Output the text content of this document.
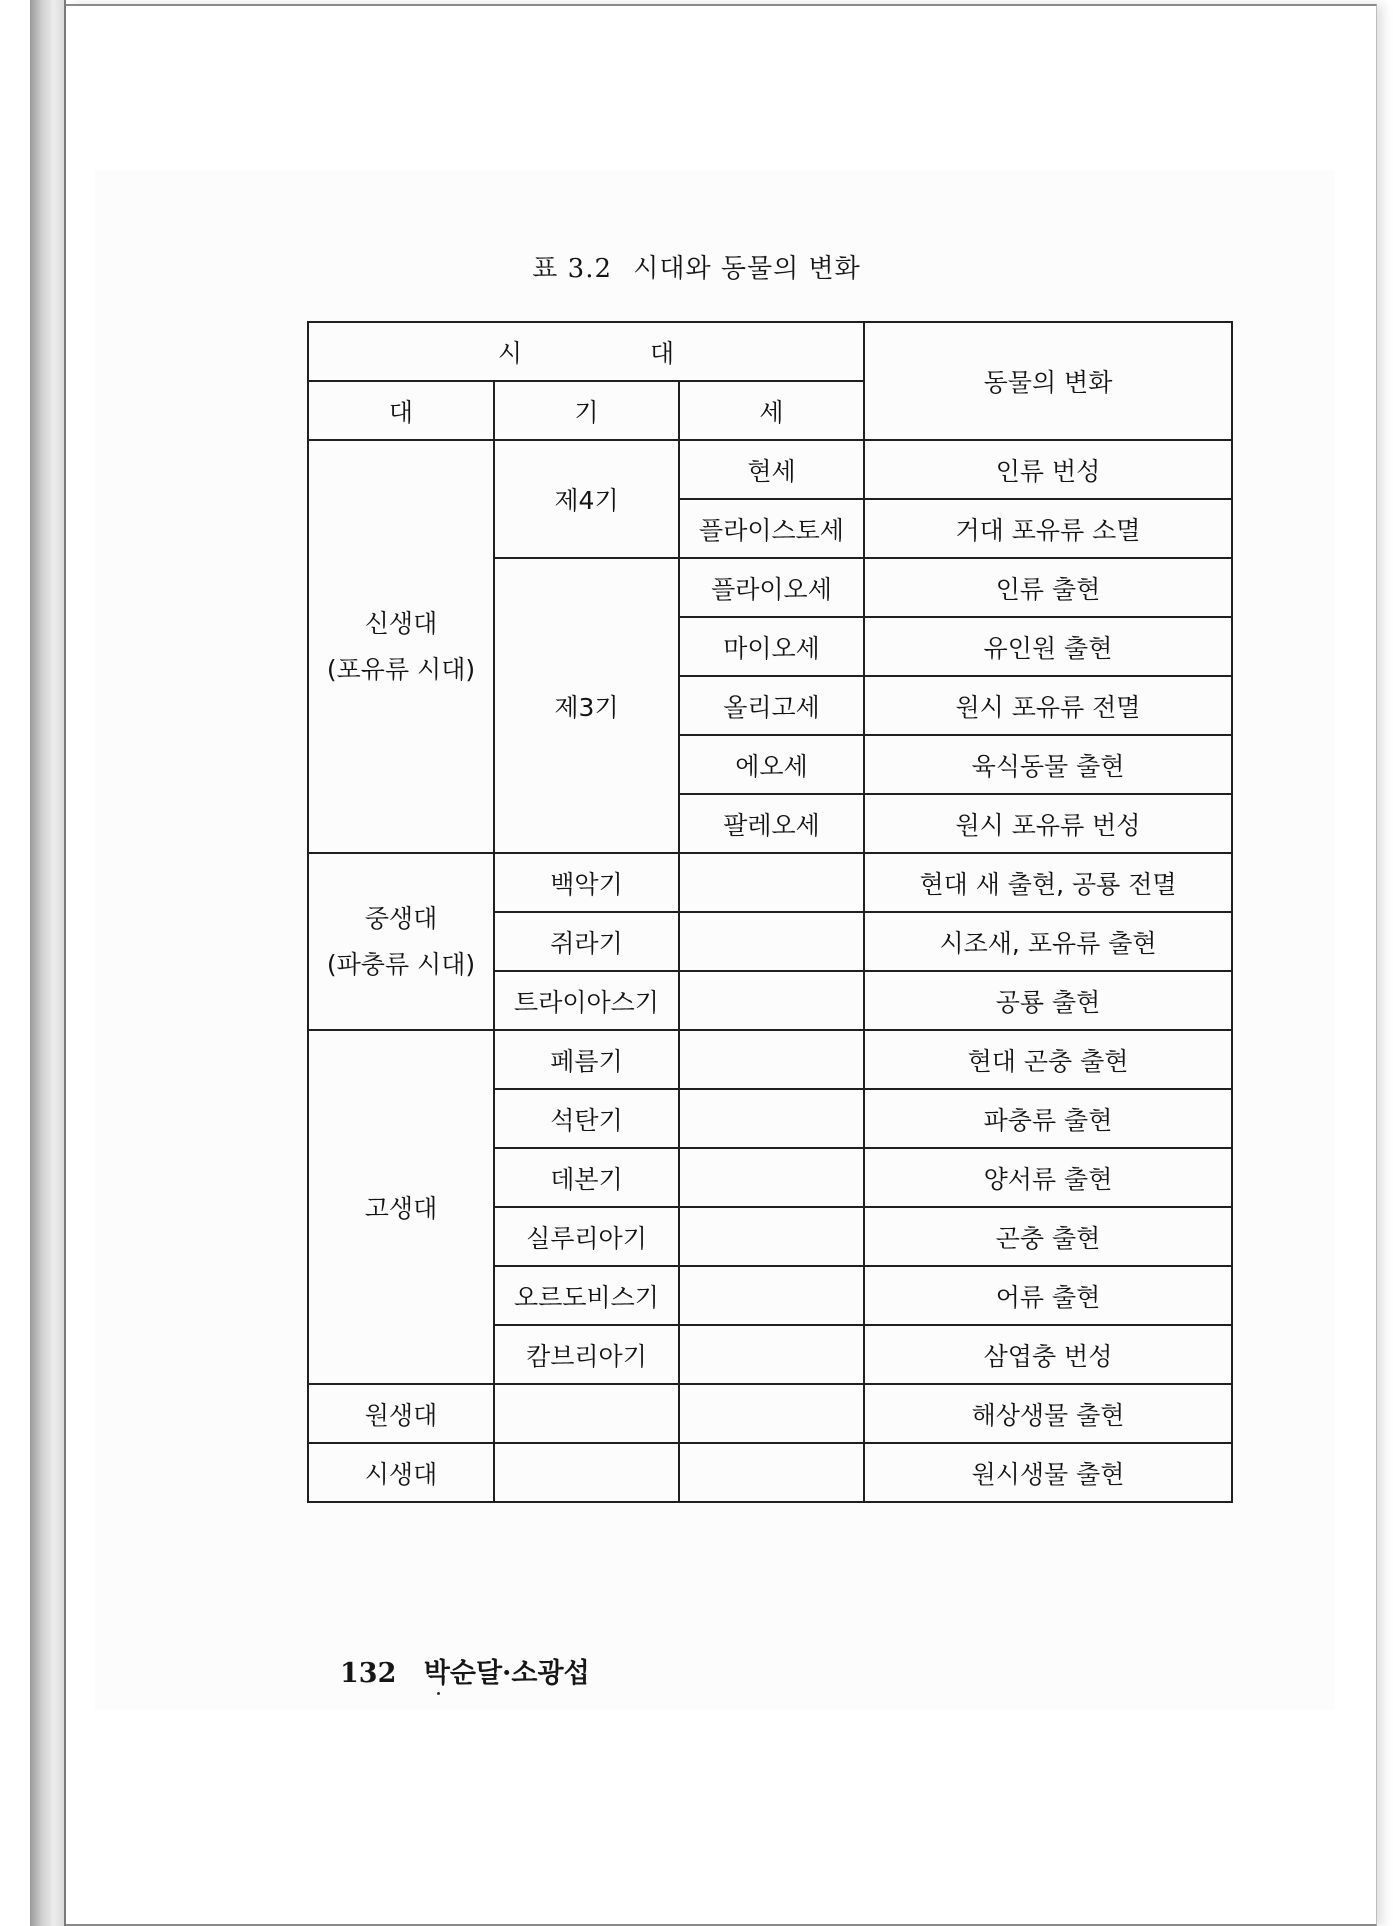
표 3.2 시대와 동물의 변화
시 대			동물의 변화
대	기	세	

신생대
(포유류 시대)	제4기	현세	인류 번성
		플라이스토세	거대 포유류 소멸
	제3기	플라이오세	인류 출현
		마이오세	유인원 출현
		올리고세	원시 포유류 전멸
		에오세	육식동물 출현
		팔레오세	원시 포유류 번성

중생대
(파충류 시대)	백악기		현대 새 출현, 공룡 전멸
	쥐라기		시조새, 포유류 출현
	트라이아스기		공룡 출현
고생대	페름기		현대 곤충 출현
	석탄기		파충류 출현
	데본기		양서류 출현
	실루리아기		곤충 출현
	오르도비스기		어류 출현
	캄브리아기		삼엽충 번성
원생대			해상생물 출현
시생대			원시생물 출현
132 박순달·소광섭
